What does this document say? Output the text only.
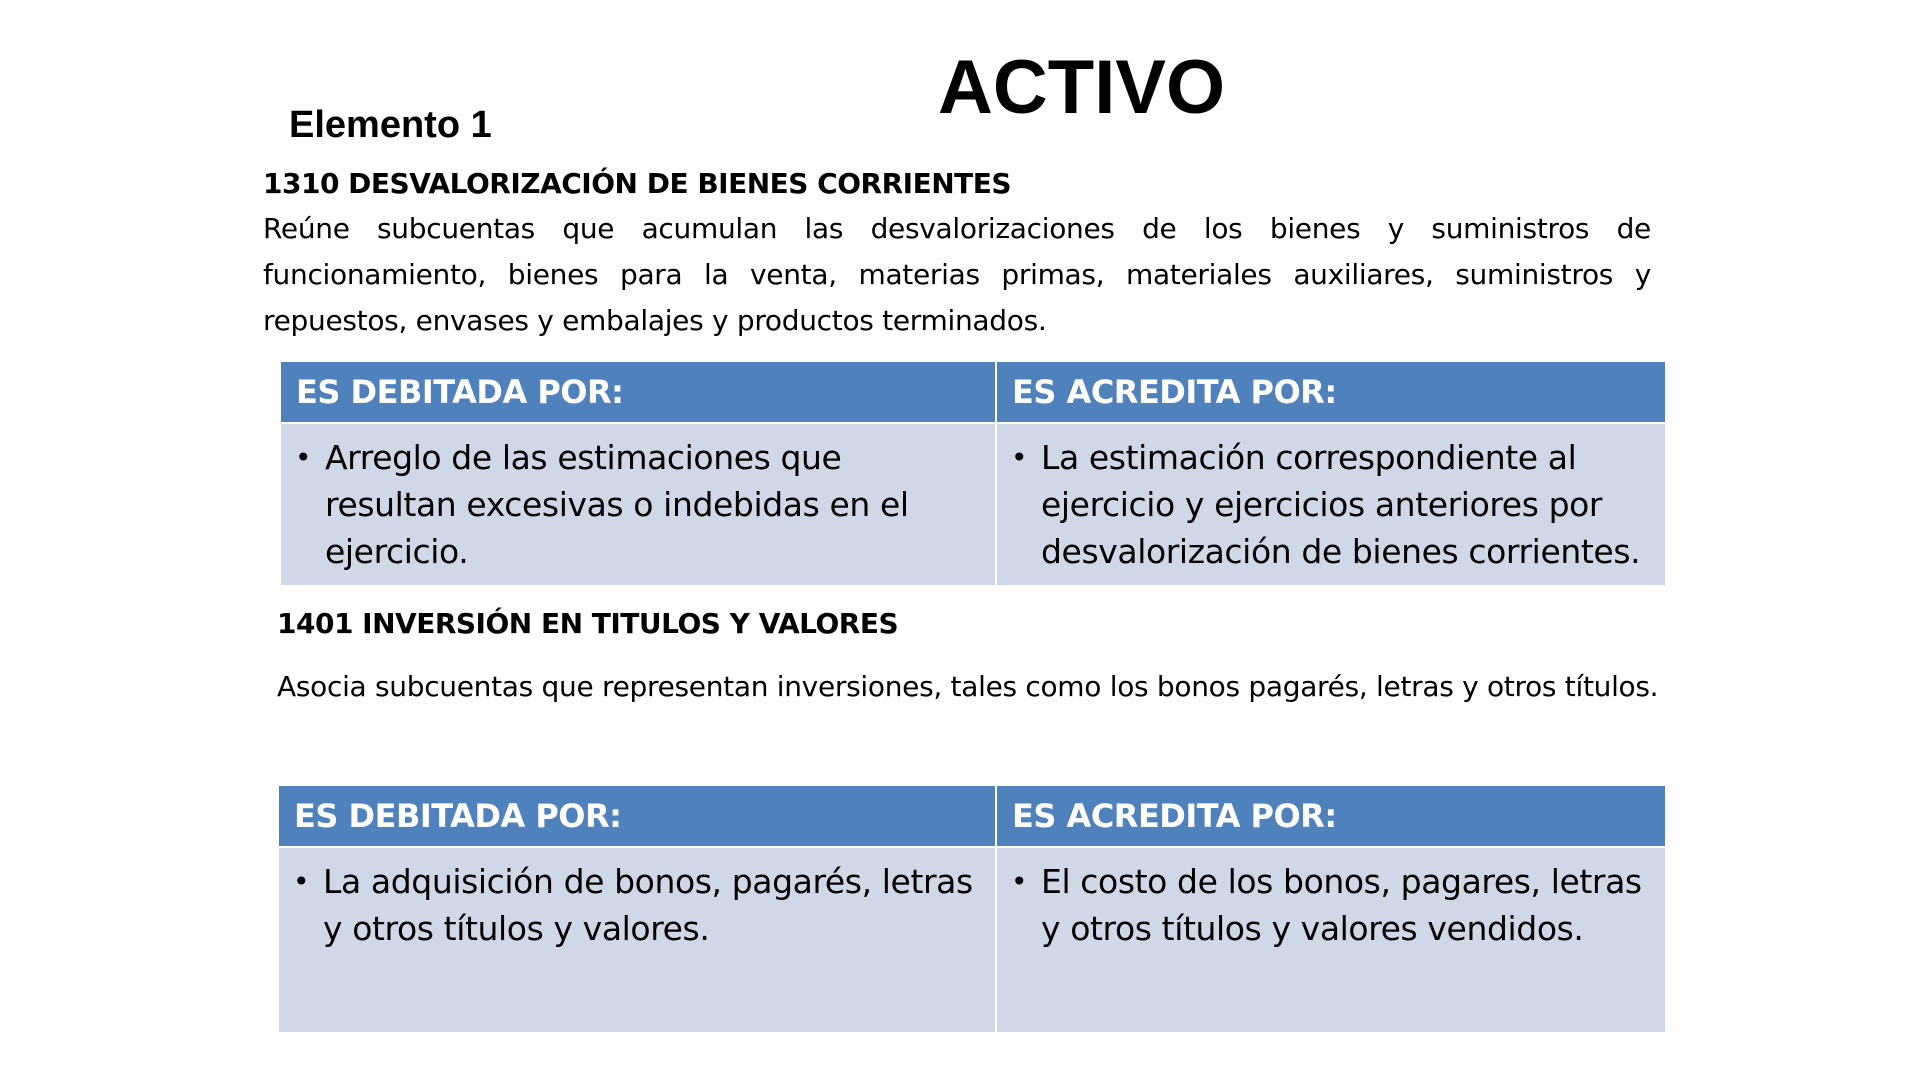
ACTIVO
Elemento 1
1310 DESVALORIZACIÓN DE BIENES CORRIENTES

Reúne subcuentas que acumulan las desvalorizaciones de los bienes y suministros de funcionamiento, bienes para la venta, materias primas, materiales auxiliares, suministros y repuestos, envases y embalajes y productos terminados.

ES DEBITADA POR:	ES ACREDITA POR:

• Arreglo de las estimaciones que resultan excesivas o indebidas en el ejercicio.	• La estimación correspondiente al ejercicio y ejercicios anteriores por desvalorización de bienes corrientes.
1401 INVERSIÓN EN TITULOS Y VALORES

Asocia subcuentas que representan inversiones, tales como los bonos pagarés, letras y otros títulos.

ES DEBITADA POR:	ES ACREDITA POR:

• La adquisición de bonos, pagarés, letras y otros títulos y valores.	• El costo de los bonos, pagares, letras y otros títulos y valores vendidos.
